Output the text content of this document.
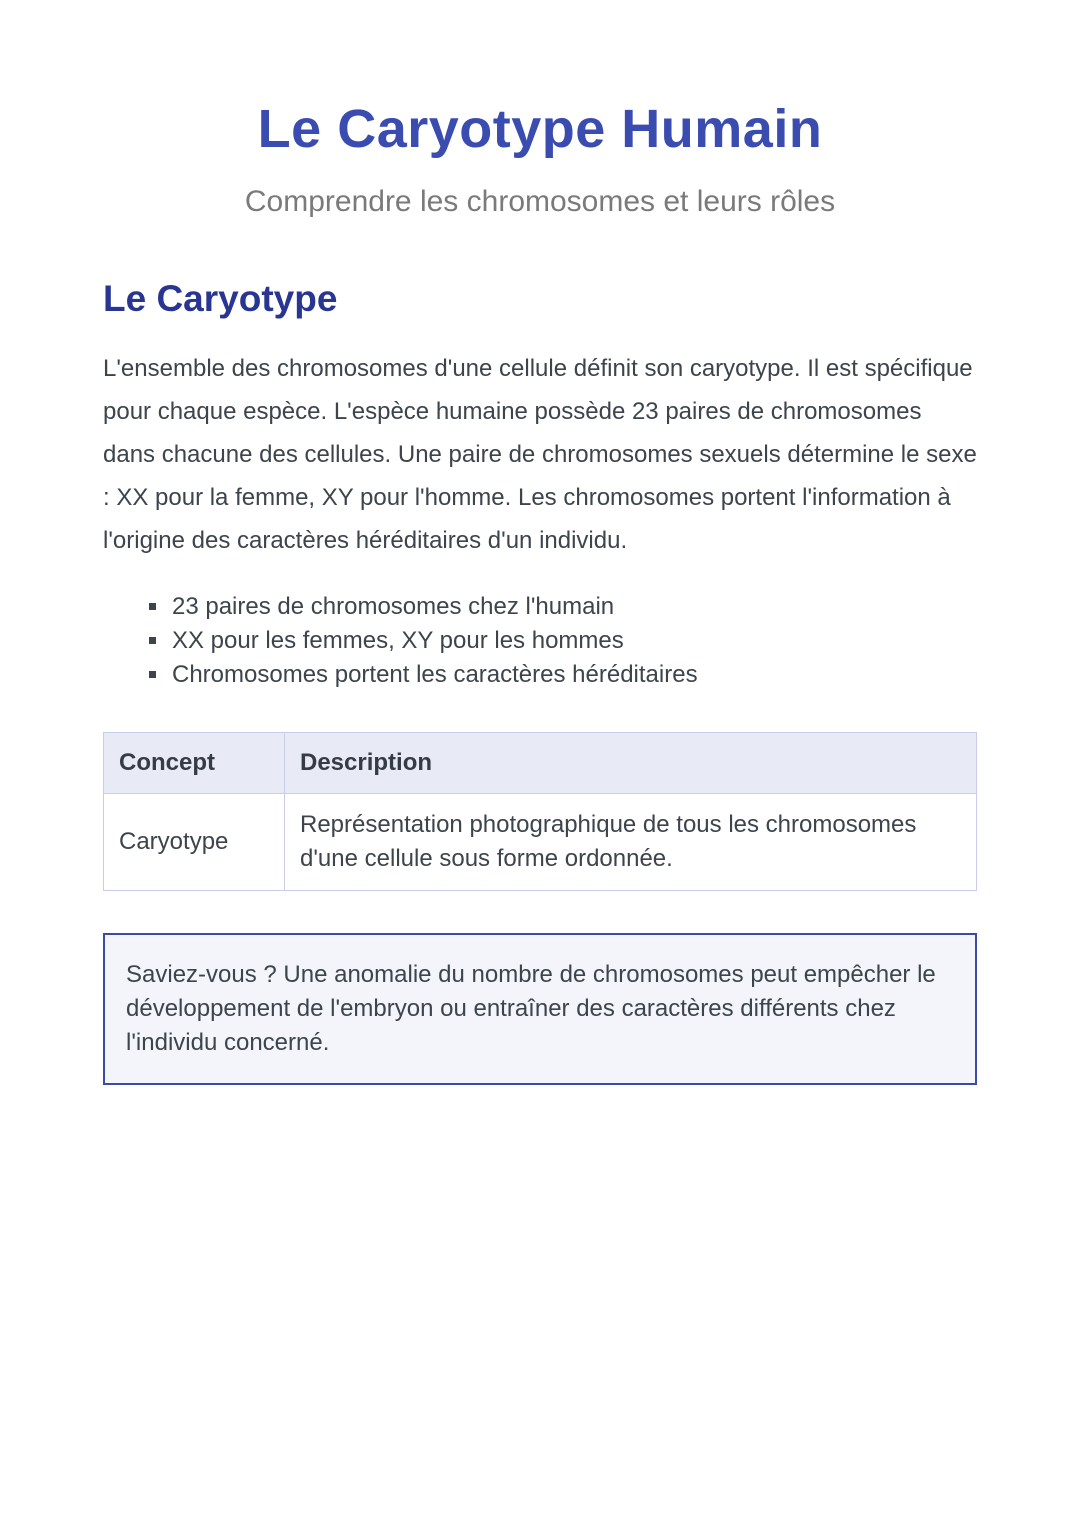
Le Caryotype Humain

Comprendre les chromosomes et leurs rôles

Le Caryotype

L'ensemble des chromosomes d'une cellule définit son caryotype. Il est spécifique pour chaque espèce. L'espèce humaine possède 23 paires de chromosomes dans chacune des cellules. Une paire de chromosomes sexuels détermine le sexe : XX pour la femme, XY pour l'homme. Les chromosomes portent l'information à l'origine des caractères héréditaires d'un individu.

▪ 23 paires de chromosomes chez l'humain
▪ XX pour les femmes, XY pour les hommes
▪ Chromosomes portent les caractères héréditaires
Concept	Description
Caryotype	Représentation photographique de tous les chromosomes d'une cellule sous forme ordonnée.
Saviez-vous ? Une anomalie du nombre de chromosomes peut empêcher le développement de l'embryon ou entraîner des caractères différents chez l'individu concerné.
